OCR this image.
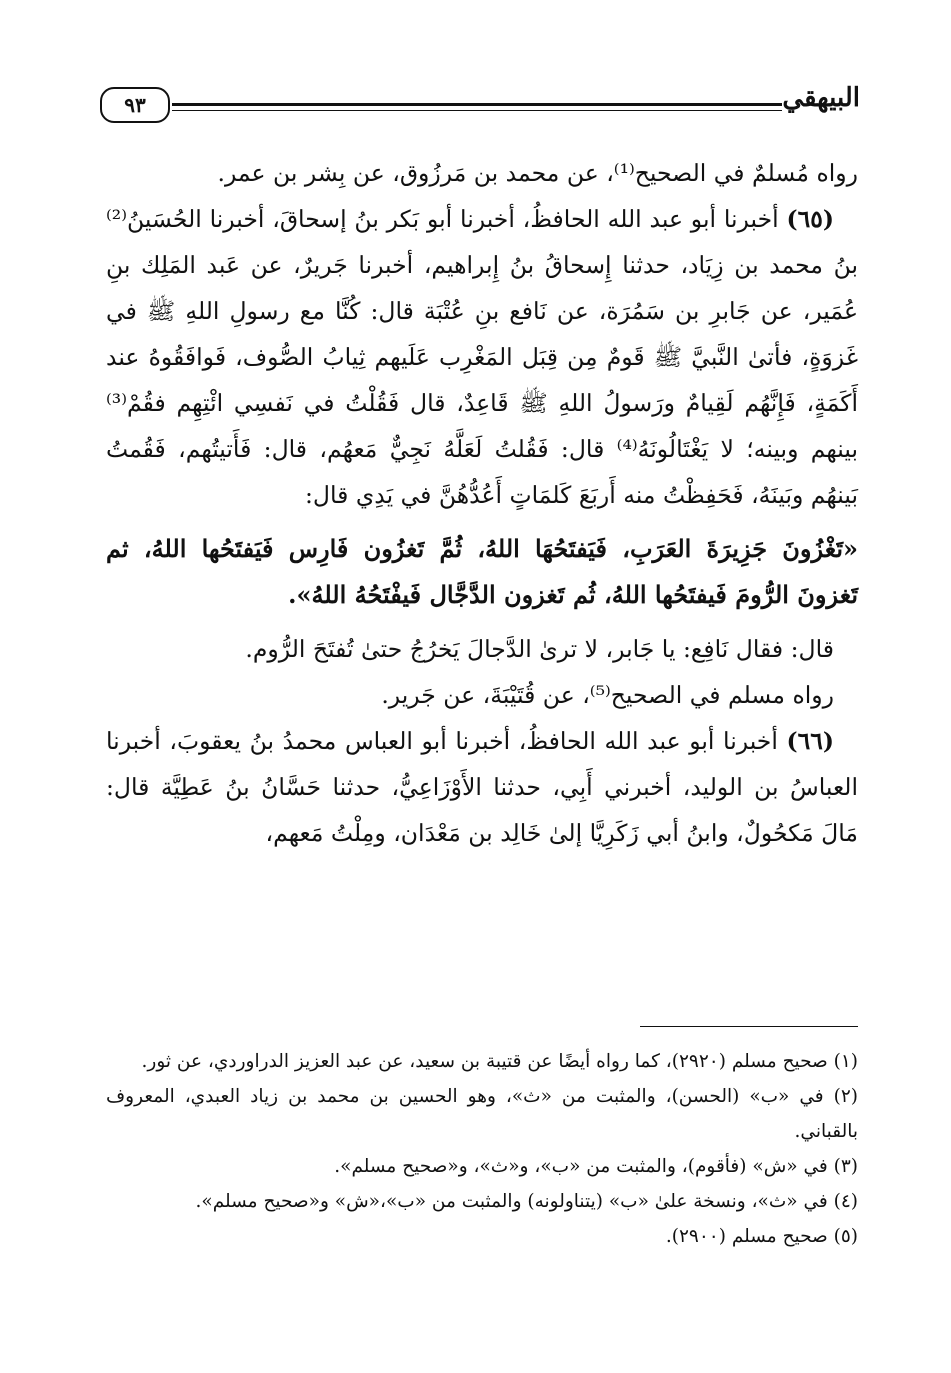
٩٣	البيهقي

رواه مُسلمٌ في الصحيح⁽¹⁾، عن محمد بن مَرزُوق، عن بِشر بن عمر.

(٦٥) أخبرنا أبو عبد الله الحافظُ، أخبرنا أبو بَكر بنُ إسحاقَ، أخبرنا الحُسَينُ⁽²⁾ بنُ محمد بن زِيَاد، حدثنا إِسحاقُ بنُ إِبراهيم، أخبرنا جَريرٌ، عن عَبد المَلِك بنِ عُمَير، عن جَابرِ بن سَمُرَة، عن نَافع بنِ عُتْبَة قال: كُنَّا مع رسولِ اللهِ ﷺ في غَزوَةٍ، فأتىٰ النَّبيَّ ﷺ قَومٌ مِن قِبَل المَغْرِب عَلَيهم ثِيابُ الصُّوف، فَوافَقُوهُ عند أَكَمَةٍ، فَإِنَّهُم لَقِيامٌ ورَسولُ اللهِ ﷺ قَاعِدٌ، قال فَقُلْتُ في نَفسِي ائْتِهِم فقُمْ⁽³⁾ بينهم وبينه؛ لا يَغْتَالُونَهُ⁽⁴⁾ قال: فَقُلتُ لَعَلَّهُ نَجِيٌّ مَعهُم، قال: فَأَتيتُهم، فَقُمتُ بَينهُم وبَينَهُ، فَحَفِظْتُ منه أَربَعَ كَلمَاتٍ أَعُدُّهُنَّ في يَدِي قال:

«تَغْزُونَ جَزِيرَةَ العَرَبِ، فَيَفتَحُهَا اللهُ، ثُمَّ تَغزُون فَارِس فَيَفتَحُها اللهُ، ثم تَغزونَ الرُّومَ فَيفتَحُها اللهُ، ثُم تَغزون الدَّجَّال فَيفْتَحُهُ اللهُ».

قال: فقال نَافِع: يا جَابر، لا ترىٰ الدَّجالَ يَخرُجُ حتىٰ تُفتَحَ الرُّوم.

رواه مسلم في الصحيح⁽⁵⁾، عن قُتَيْبَةَ، عن جَرير.

(٦٦) أخبرنا أبو عبد الله الحافظُ، أخبرنا أبو العباس محمدُ بنُ يعقوبَ، أخبرنا العباسُ بن الوليد، أخبرني أَبِي، حدثنا الأَوْزَاعِيُّ، حدثنا حَسَّانُ بنُ عَطِيَّة قال: مَالَ مَكحُولٌ، وابنُ أبي زَكَرِيَّا إلىٰ خَالِد بن مَعْدَان، ومِلْتُ مَعهم،

(١) صحيح مسلم (٢٩٢٠)، كما رواه أيضًا عن قتيبة بن سعيد، عن عبد العزيز الدراوردي، عن ثور.

(٢) في «ب» (الحسن)، والمثبت من «ث»، وهو الحسين بن محمد بن زياد العبدي، المعروف بالقباني.

(٣) في «ش» (فأقوم)، والمثبت من «ب»، و«ث»، و«صحيح مسلم».

(٤) في «ث»، ونسخة علىٰ «ب» (يتناولونه) والمثبت من «ب»،«ش» و«صحيح مسلم».

(٥) صحيح مسلم (٢٩٠٠).
